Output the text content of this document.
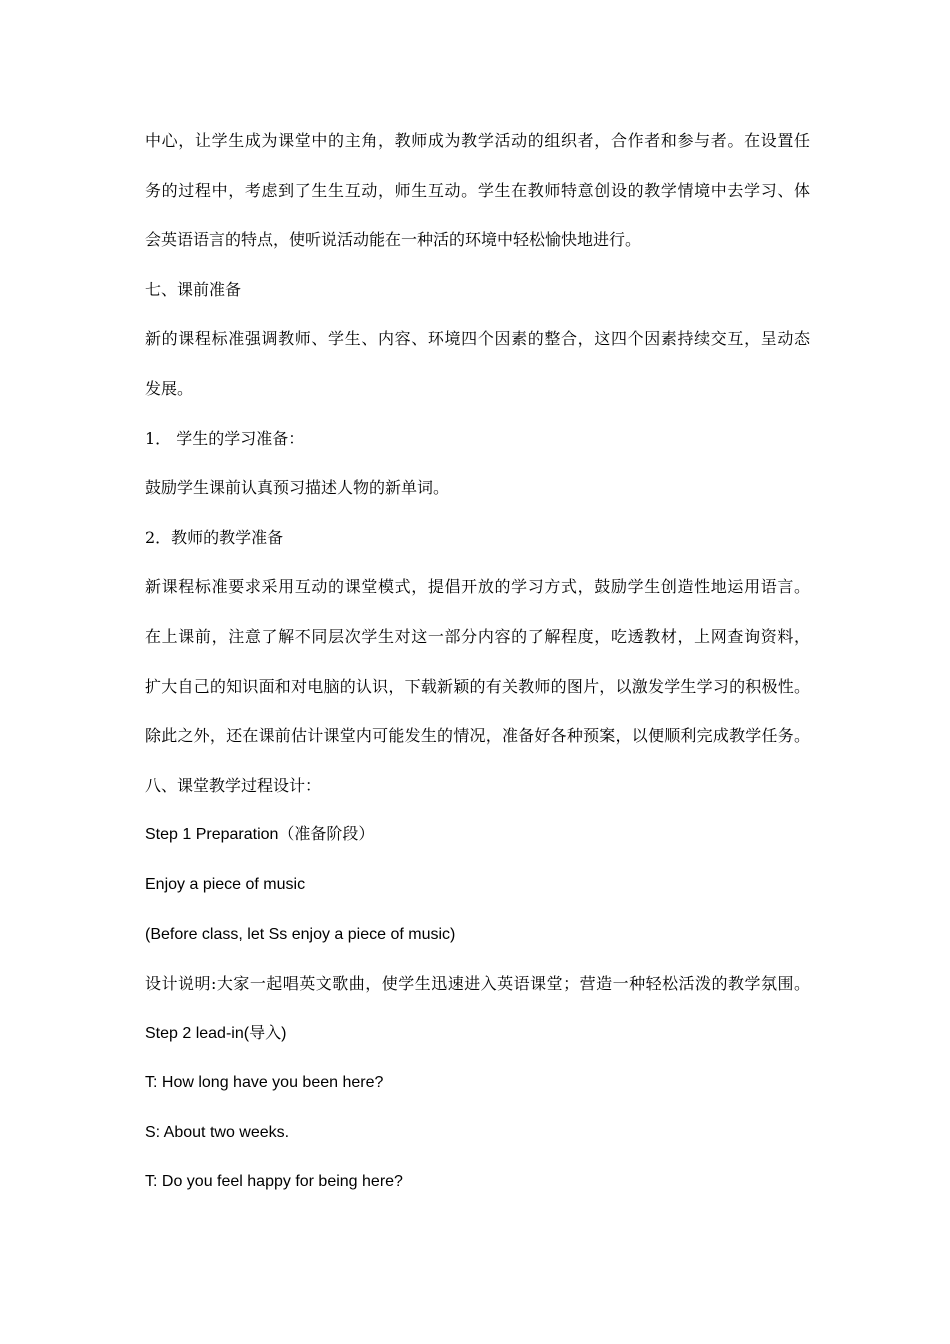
中心，让学生成为课堂中的主角，教师成为教学活动的组织者，合作者和参与者。在设置任
务的过程中，考虑到了生生互动，师生互动。学生在教师特意创设的教学情境中去学习、体
会英语语言的特点，使听说活动能在一种活的环境中轻松愉快地进行。
七、课前准备
新的课程标准强调教师、学生、内容、环境四个因素的整合，这四个因素持续交互，呈动态
发展。
1． 学生的学习准备：
鼓励学生课前认真预习描述人物的新单词。
2．教师的教学准备
新课程标准要求采用互动的课堂模式，提倡开放的学习方式，鼓励学生创造性地运用语言。
在上课前，注意了解不同层次学生对这一部分内容的了解程度，吃透教材，上网查询资料，
扩大自己的知识面和对电脑的认识，下载新颖的有关教师的图片，以激发学生学习的积极性。
除此之外，还在课前估计课堂内可能发生的情况，准备好各种预案，以便顺利完成教学任务。
八、课堂教学过程设计：
Step 1 Preparation（准备阶段）
Enjoy a piece of music
(Before class, let Ss enjoy a piece of music)
设计说明:大家一起唱英文歌曲，使学生迅速进入英语课堂；营造一种轻松活泼的教学氛围。
Step 2 lead-in(导入)
T: How long have you been here?
S: About two weeks.
T: Do you feel happy for being here?
